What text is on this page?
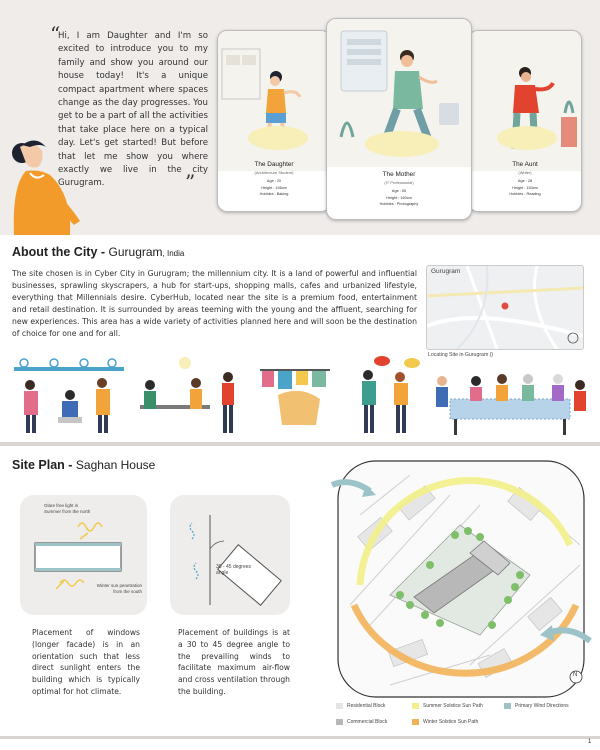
“
Hi, I am Daughter and I'm so excited to introduce you to my family and show you around our house today! It's a unique compact apartment where spaces change as the day progresses. You get to be a part of all the activities that take place here on a typical day. Let's get started! But before that let me show you where exactly we live in the city Gurugram.	”
The Daughter
(Architecture Student)
Age : 20
Height : 156cm
Hobbies : Baking
The Aunt
(Writer)
Age : 28
Height : 153cm
Hobbies : Reading
The Mother
(IT Professional)
Age : 50
Height : 160cm
Hobbies : Photography
About the City - Gurugram, India
The site chosen is in Cyber City in Gurugram; the millennium city. It is a land of powerful and influential businesses, sprawling skyscrapers, a hub for start-ups, shopping malls, cafes and urbanized lifestyle, everything that Millennials desire. CyberHub, located near the site is a premium food, entertainment and retail destination. It is surrounded by areas teeming with the young and the affluent, searching for new experiences. This area has a wide variety of activities planned here and will soon be the destination of choice for one and for all.
Gurugram
Locating Site in Gurugram ()
Site Plan - Saghan House
Glare free light in Summer from the north
Winter sun penetration from the south
30 - 45 degrees angle
Placement of windows (longer facade) is in an orientation such that less direct sunlight enters the building which is typically optimal for hot climate.
Placement of buildings is at a 30 to 45 degree angle to the prevailing winds to facilitate maximum air-flow and cross ventilation through the building.
N
Residential Block	Summer Solstice Sun Path	Primary Wind Directions
Commercial Block	Winter Solstice Sun Path
1
